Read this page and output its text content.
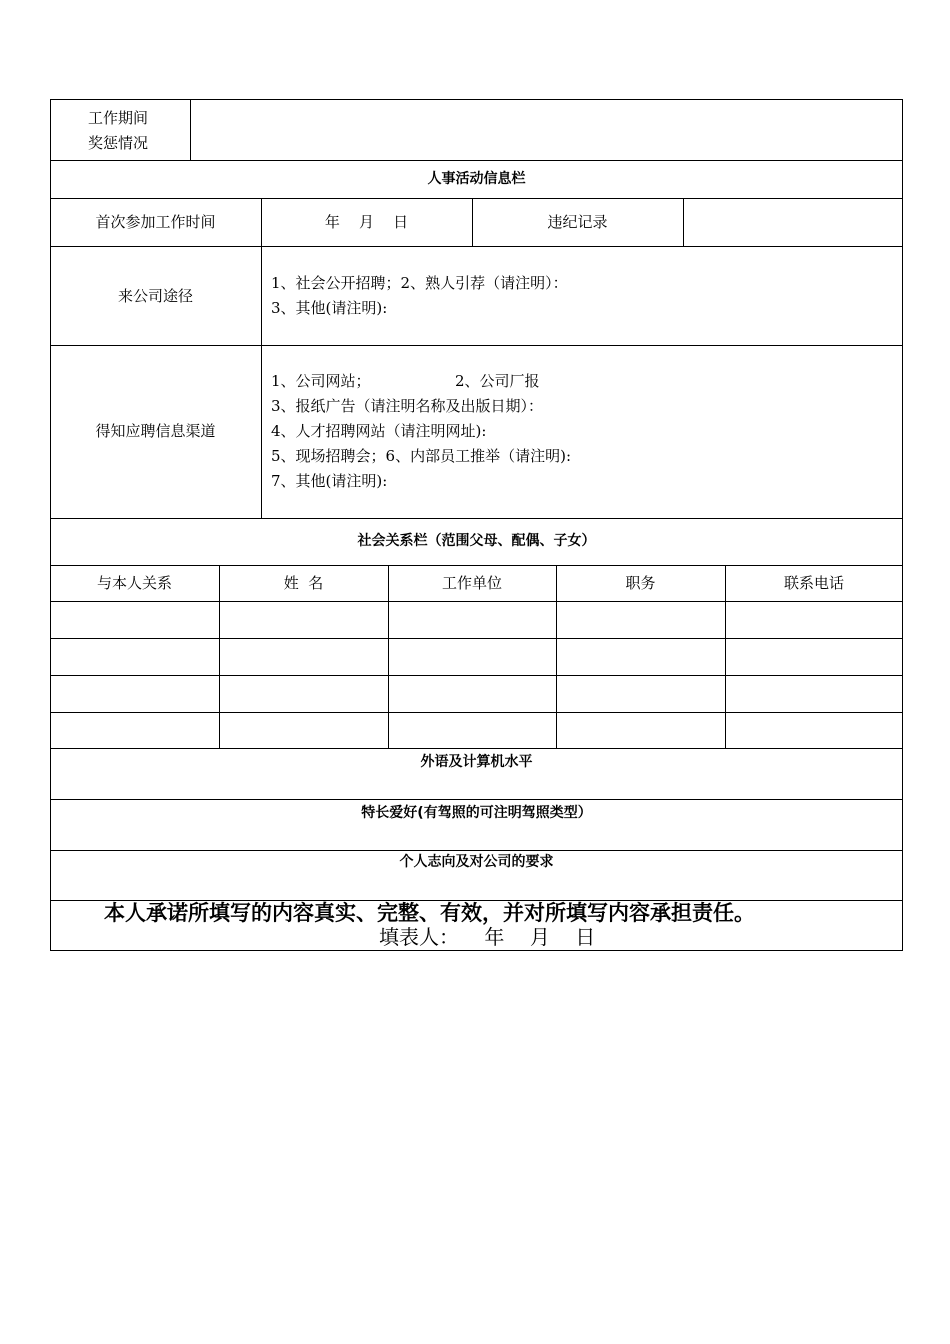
工作期间
奖惩情况
人事活动信息栏
首次参加工作时间	年    月    日	违纪记录
来公司途径
1、社会公开招聘；2、熟人引荐（请注明）：
3、其他(请注明):
得知应聘信息渠道
1、公司网站；	2、公司厂报
3、报纸广告（请注明名称及出版日期）：
4、人才招聘网站（请注明网址):
5、现场招聘会；6、内部员工推举（请注明):
7、其他(请注明):
社会关系栏（范围父母、配偶、子女）
与本人关系	姓  名	工作单位	职务	联系电话
外语及计算机水平
特长爱好(有驾照的可注明驾照类型）
个人志向及对公司的要求
本人承诺所填写的内容真实、完整、有效，并对所填写内容承担责任。
填表人：    年    月    日
